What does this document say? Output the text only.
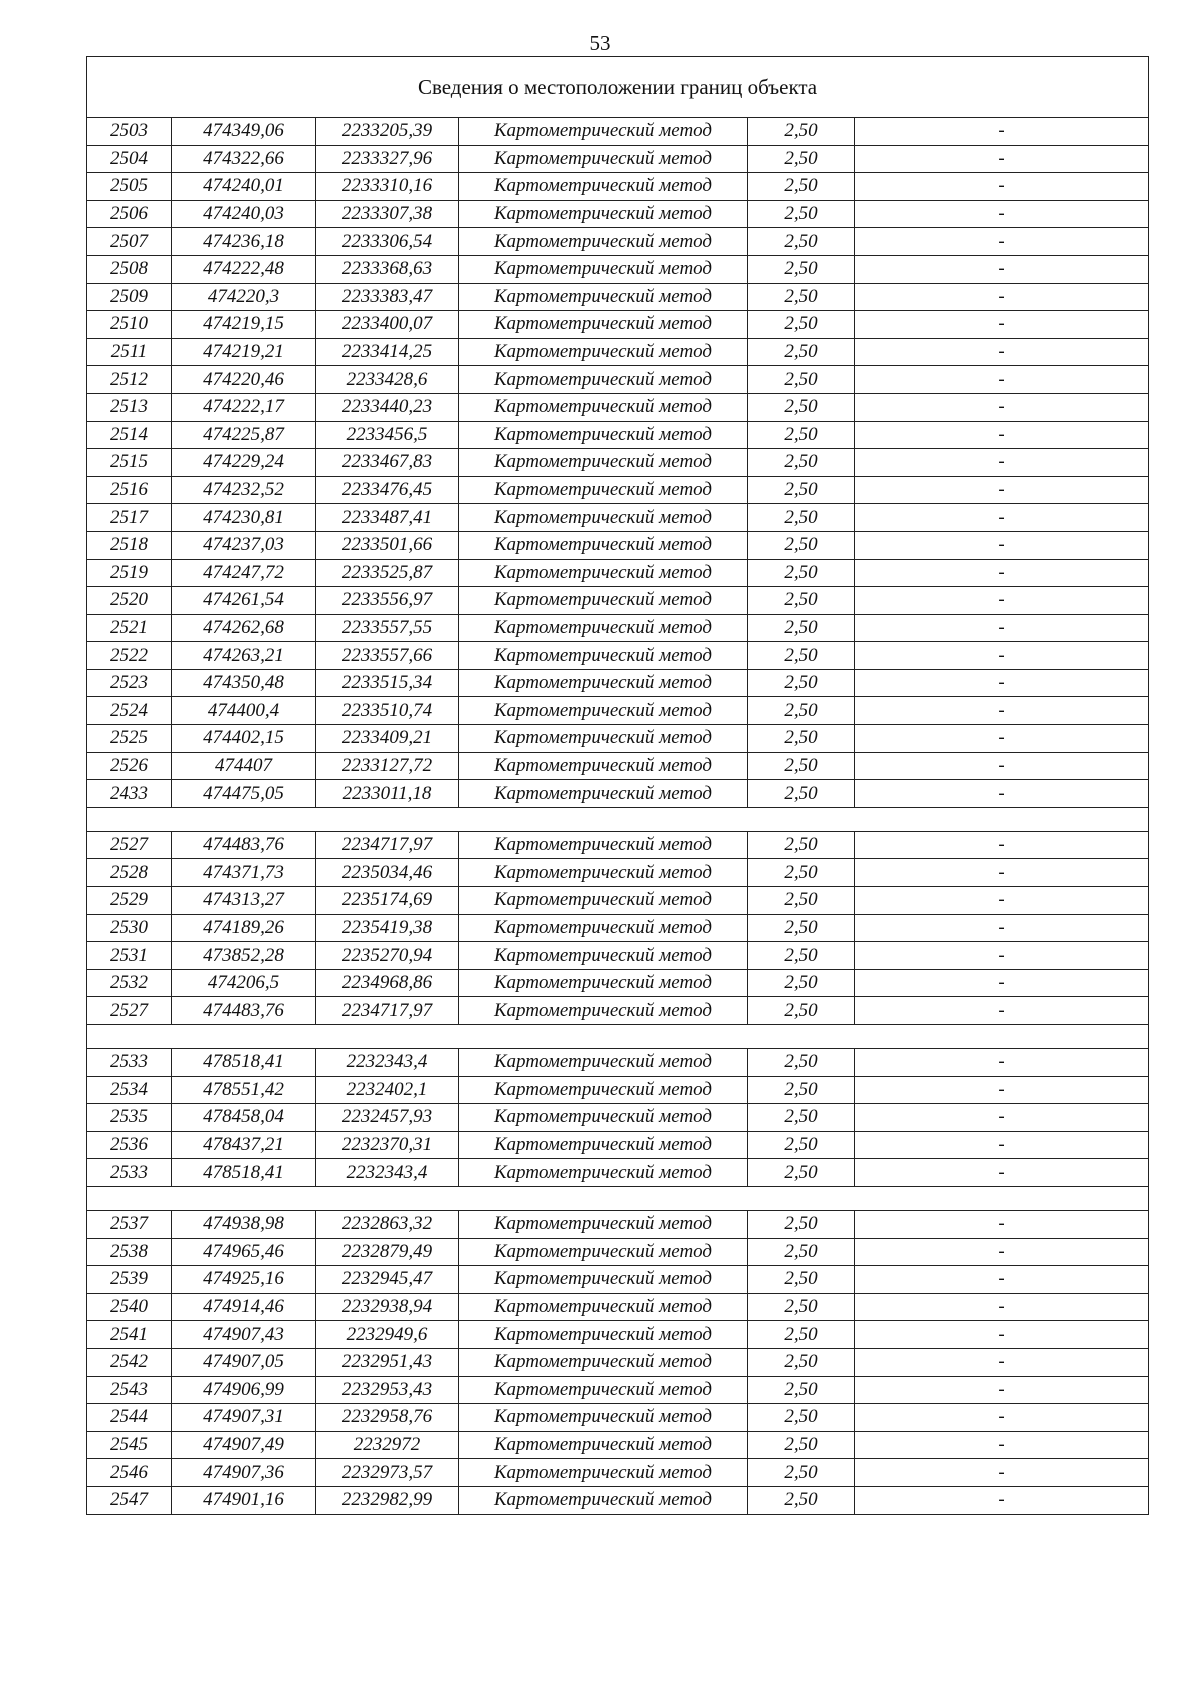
53
Сведения о местоположении границ объекта					
2503	474349,06	2233205,39	Картометрический метод	2,50	-
2504	474322,66	2233327,96	Картометрический метод	2,50	-
2505	474240,01	2233310,16	Картометрический метод	2,50	-
2506	474240,03	2233307,38	Картометрический метод	2,50	-
2507	474236,18	2233306,54	Картометрический метод	2,50	-
2508	474222,48	2233368,63	Картометрический метод	2,50	-
2509	474220,3	2233383,47	Картометрический метод	2,50	-
2510	474219,15	2233400,07	Картометрический метод	2,50	-
2511	474219,21	2233414,25	Картометрический метод	2,50	-
2512	474220,46	2233428,6	Картометрический метод	2,50	-
2513	474222,17	2233440,23	Картометрический метод	2,50	-
2514	474225,87	2233456,5	Картометрический метод	2,50	-
2515	474229,24	2233467,83	Картометрический метод	2,50	-
2516	474232,52	2233476,45	Картометрический метод	2,50	-
2517	474230,81	2233487,41	Картометрический метод	2,50	-
2518	474237,03	2233501,66	Картометрический метод	2,50	-
2519	474247,72	2233525,87	Картометрический метод	2,50	-
2520	474261,54	2233556,97	Картометрический метод	2,50	-
2521	474262,68	2233557,55	Картометрический метод	2,50	-
2522	474263,21	2233557,66	Картометрический метод	2,50	-
2523	474350,48	2233515,34	Картометрический метод	2,50	-
2524	474400,4	2233510,74	Картометрический метод	2,50	-
2525	474402,15	2233409,21	Картометрический метод	2,50	-
2526	474407	2233127,72	Картометрический метод	2,50	-
2433	474475,05	2233011,18	Картометрический метод	2,50	-

2527	474483,76	2234717,97	Картометрический метод	2,50	-
2528	474371,73	2235034,46	Картометрический метод	2,50	-
2529	474313,27	2235174,69	Картометрический метод	2,50	-
2530	474189,26	2235419,38	Картометрический метод	2,50	-
2531	473852,28	2235270,94	Картометрический метод	2,50	-
2532	474206,5	2234968,86	Картометрический метод	2,50	-
2527	474483,76	2234717,97	Картометрический метод	2,50	-

2533	478518,41	2232343,4	Картометрический метод	2,50	-
2534	478551,42	2232402,1	Картометрический метод	2,50	-
2535	478458,04	2232457,93	Картометрический метод	2,50	-
2536	478437,21	2232370,31	Картометрический метод	2,50	-
2533	478518,41	2232343,4	Картометрический метод	2,50	-

2537	474938,98	2232863,32	Картометрический метод	2,50	-
2538	474965,46	2232879,49	Картометрический метод	2,50	-
2539	474925,16	2232945,47	Картометрический метод	2,50	-
2540	474914,46	2232938,94	Картометрический метод	2,50	-
2541	474907,43	2232949,6	Картометрический метод	2,50	-
2542	474907,05	2232951,43	Картометрический метод	2,50	-
2543	474906,99	2232953,43	Картометрический метод	2,50	-
2544	474907,31	2232958,76	Картометрический метод	2,50	-
2545	474907,49	2232972	Картометрический метод	2,50	-
2546	474907,36	2232973,57	Картометрический метод	2,50	-
2547	474901,16	2232982,99	Картометрический метод	2,50	-
